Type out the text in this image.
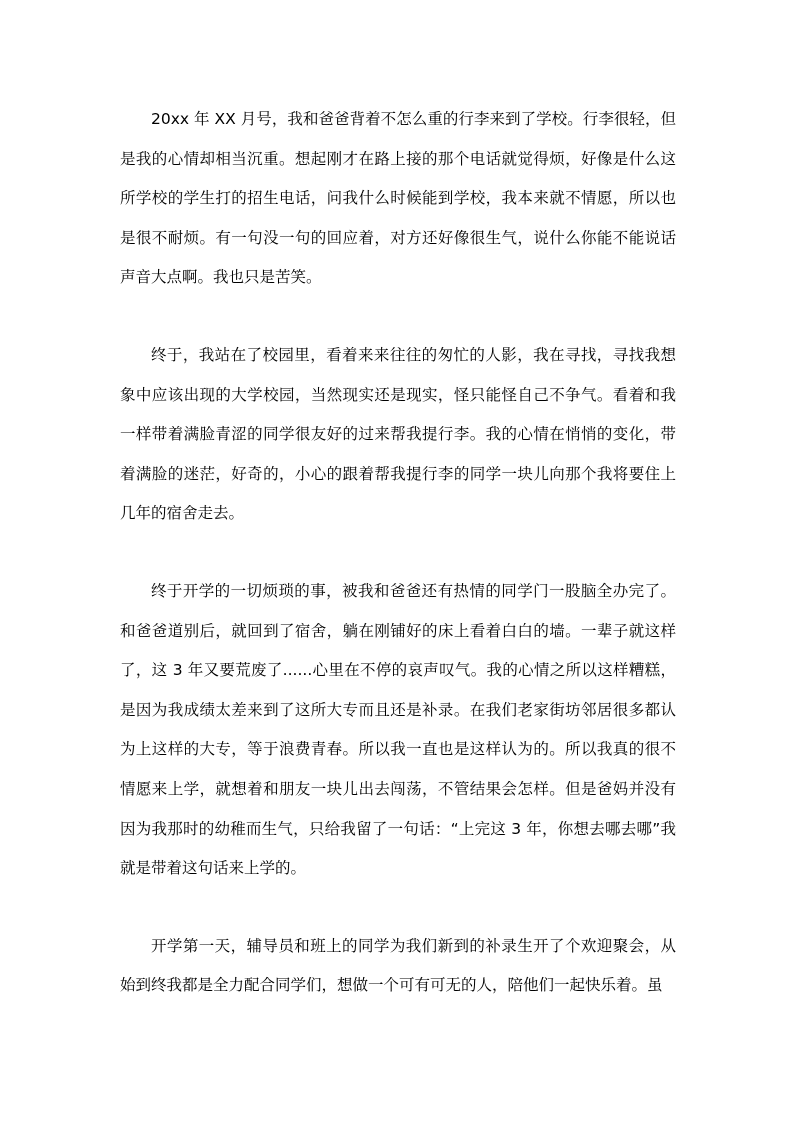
20xx 年 XX 月号，我和爸爸背着不怎么重的行李来到了学校。行李很轻，但是我的心情却相当沉重。想起刚才在路上接的那个电话就觉得烦，好像是什么这所学校的学生打的招生电话，问我什么时候能到学校，我本来就不情愿，所以也是很不耐烦。有一句没一句的回应着，对方还好像很生气，说什么你能不能说话声音大点啊。我也只是苦笑。

终于，我站在了校园里，看着来来往往的匆忙的人影，我在寻找，寻找我想象中应该出现的大学校园，当然现实还是现实，怪只能怪自己不争气。看着和我一样带着满脸青涩的同学很友好的过来帮我提行李。我的心情在悄悄的变化，带着满脸的迷茫，好奇的，小心的跟着帮我提行李的同学一块儿向那个我将要住上几年的宿舍走去。

终于开学的一切烦琐的事，被我和爸爸还有热情的同学门一股脑全办完了。和爸爸道别后，就回到了宿舍，躺在刚铺好的床上看着白白的墙。一辈子就这样了，这 3 年又要荒废了......心里在不停的哀声叹气。我的心情之所以这样糟糕，是因为我成绩太差来到了这所大专而且还是补录。在我们老家街坊邻居很多都认为上这样的大专，等于浪费青春。所以我一直也是这样认为的。所以我真的很不情愿来上学，就想着和朋友一块儿出去闯荡，不管结果会怎样。但是爸妈并没有因为我那时的幼稚而生气，只给我留了一句话：“上完这 3 年，你想去哪去哪”我就是带着这句话来上学的。

开学第一天，辅导员和班上的同学为我们新到的补录生开了个欢迎聚会，从始到终我都是全力配合同学们，想做一个可有可无的人，陪他们一起快乐着。虽
